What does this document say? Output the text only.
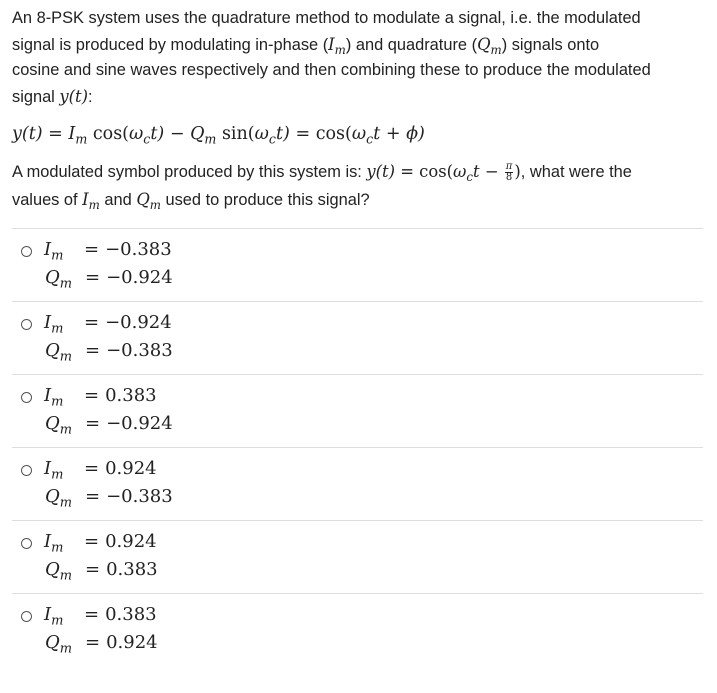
An 8-PSK system uses the quadrature method to modulate a signal, i.e. the modulated
signal is produced by modulating in-phase $(I_m)$ and quadrature $(Q_m)$ signals onto
cosine and sine waves respectively and then combining these to produce the modulated
signal y(t):

$y(t) = I_m$ $\cos(\omega_ct) - Q_m$ $\sin(\omega_ct) = \cos(\omega_ct + \phi)$

A modulated symbol produced by this system is: $y(t) = \cos(\omega_ct - \frac{\pi}{8}$ ), what were the
values of $I_m$ and $Q_m$ used to produce this signal?

$I_m = -0.383$
$Q_m = -0.924$
$I_m = -0.924$
$Q_m = -0.383$
$I_m = 0.383$
$Q_m = -0.924$
$I_m = 0.924$
$Q_m = -0.383$
$I_m = 0.924$
$Q_m = 0.383$
$I_m = 0.383$
$Q_m = 0.924$
